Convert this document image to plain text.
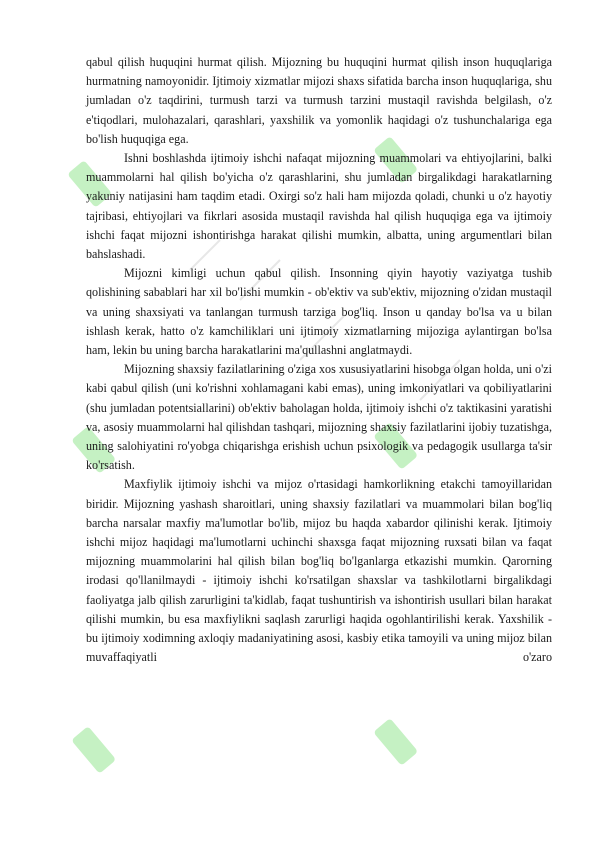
qabul qilish huquqini hurmat qilish. Mijozning bu huquqini hurmat qilish inson huquqlariga hurmatning namoyonidir. Ijtimoiy xizmatlar mijozi shaxs sifatida barcha inson huquqlariga, shu jumladan o'z taqdirini, turmush tarzi va turmush tarzini mustaqil ravishda belgilash, o'z e'tiqodlari, mulohazalari, qarashlari, yaxshilik va yomonlik haqidagi o'z tushunchalariga ega bo'lish huquqiga ega.

Ishni boshlashda ijtimoiy ishchi nafaqat mijozning muammolari va ehtiyojlarini, balki muammolarni hal qilish bo'yicha o'z qarashlarini, shu jumladan birgalikdagi harakatlarning yakuniy natijasini ham taqdim etadi. Oxirgi so'z hali ham mijozda qoladi, chunki u o'z hayotiy tajribasi, ehtiyojlari va fikrlari asosida mustaqil ravishda hal qilish huquqiga ega va ijtimoiy ishchi faqat mijozni ishontirishga harakat qilishi mumkin, albatta, uning argumentlari bilan bahslashadi.

Mijozni kimligi uchun qabul qilish. Insonning qiyin hayotiy vaziyatga tushib qolishining sabablari har xil bo'lishi mumkin - ob'ektiv va sub'ektiv, mijozning o'zidan mustaqil va uning shaxsiyati va tanlangan turmush tarziga bog'liq. Inson u qanday bo'lsa va u bilan ishlash kerak, hatto o'z kamchiliklari uni ijtimoiy xizmatlarning mijoziga aylantirgan bo'lsa ham, lekin bu uning barcha harakatlarini ma'qullashni anglatmaydi.

Mijozning shaxsiy fazilatlarining o'ziga xos xususiyatlarini hisobga olgan holda, uni o'zi kabi qabul qilish (uni ko'rishni xohlamagani kabi emas), uning imkoniyatlari va qobiliyatlarini (shu jumladan potentsiallarini) ob'ektiv baholagan holda, ijtimoiy ishchi o'z taktikasini yaratishi va, asosiy muammolarni hal qilishdan tashqari, mijozning shaxsiy fazilatlarini ijobiy tuzatishga, uning salohiyatini ro'yobga chiqarishga erishish uchun psixologik va pedagogik usullarga ta'sir ko'rsatish.

Maxfiylik ijtimoiy ishchi va mijoz o'rtasidagi hamkorlikning etakchi tamoyillaridan biridir. Mijozning yashash sharoitlari, uning shaxsiy fazilatlari va muammolari bilan bog'liq barcha narsalar maxfiy ma'lumotlar bo'lib, mijoz bu haqda xabardor qilinishi kerak. Ijtimoiy ishchi mijoz haqidagi ma'lumotlarni uchinchi shaxsga faqat mijozning ruxsati bilan va faqat mijozning muammolarini hal qilish bilan bog'liq bo'lganlarga etkazishi mumkin. Qarorning irodasi qo'llanilmaydi - ijtimoiy ishchi ko'rsatilgan shaxslar va tashkilotlarni birgalikdagi faoliyatga jalb qilish zarurligini ta'kidlab, faqat tushuntirish va ishontirish usullari bilan harakat qilishi mumkin, bu esa maxfiylikni saqlash zarurligi haqida ogohlantirilishi kerak. Yaxshilik - bu ijtimoiy xodimning axloqiy madaniyatining asosi, kasbiy etika tamoyili va uning mijoz bilan muvaffaqiyatli o'zaro
